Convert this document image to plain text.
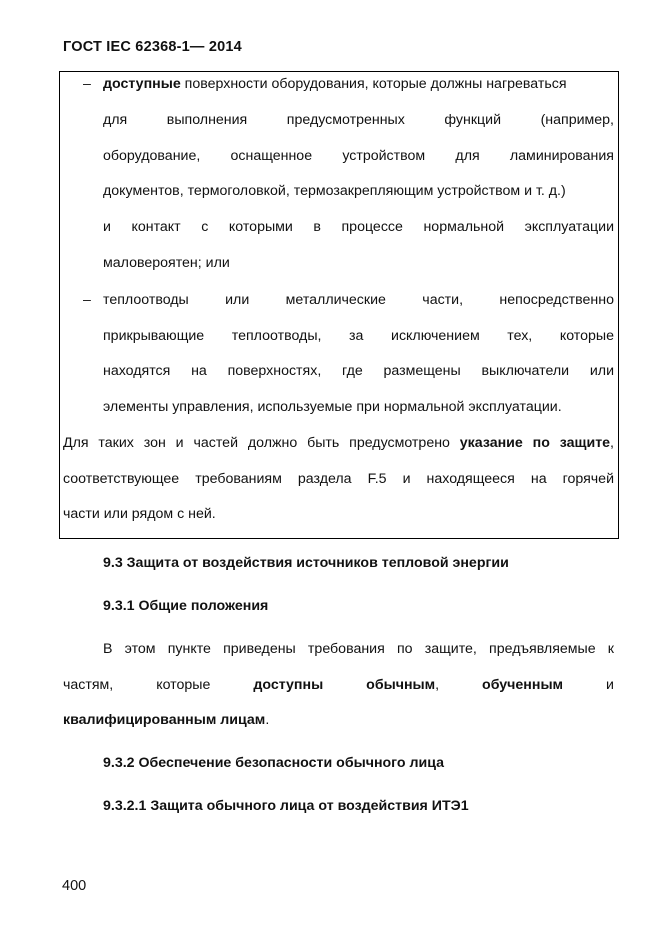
ГОСТ IEC 62368-1— 2014
– доступные поверхности оборудования, которые должны нагреваться
для выполнения предусмотренных функций (например,
оборудование, оснащенное устройством для ламинирования
документов, термоголовкой, термозакрепляющим устройством и т. д.)
и контакт с которыми в процессе нормальной эксплуатации
маловероятен; или
– теплоотводы или металлические части, непосредственно
прикрывающие теплоотводы, за исключением тех, которые
находятся на поверхностях, где размещены выключатели или
элементы управления, используемые при нормальной эксплуатации.
Для таких зон и частей должно быть предусмотрено указание по защите,
соответствующее требованиям раздела F.5 и находящееся на горячей
части или рядом с ней.
9.3 Защита от воздействия источников тепловой энергии
9.3.1 Общие положения
В этом пункте приведены требования по защите, предъявляемые к
частям,	которые	доступны	обычным,	обученным	и
квалифицированным лицам.
9.3.2 Обеспечение безопасности обычного лица
9.3.2.1 Защита обычного лица от воздействия ИТЭ1
400
